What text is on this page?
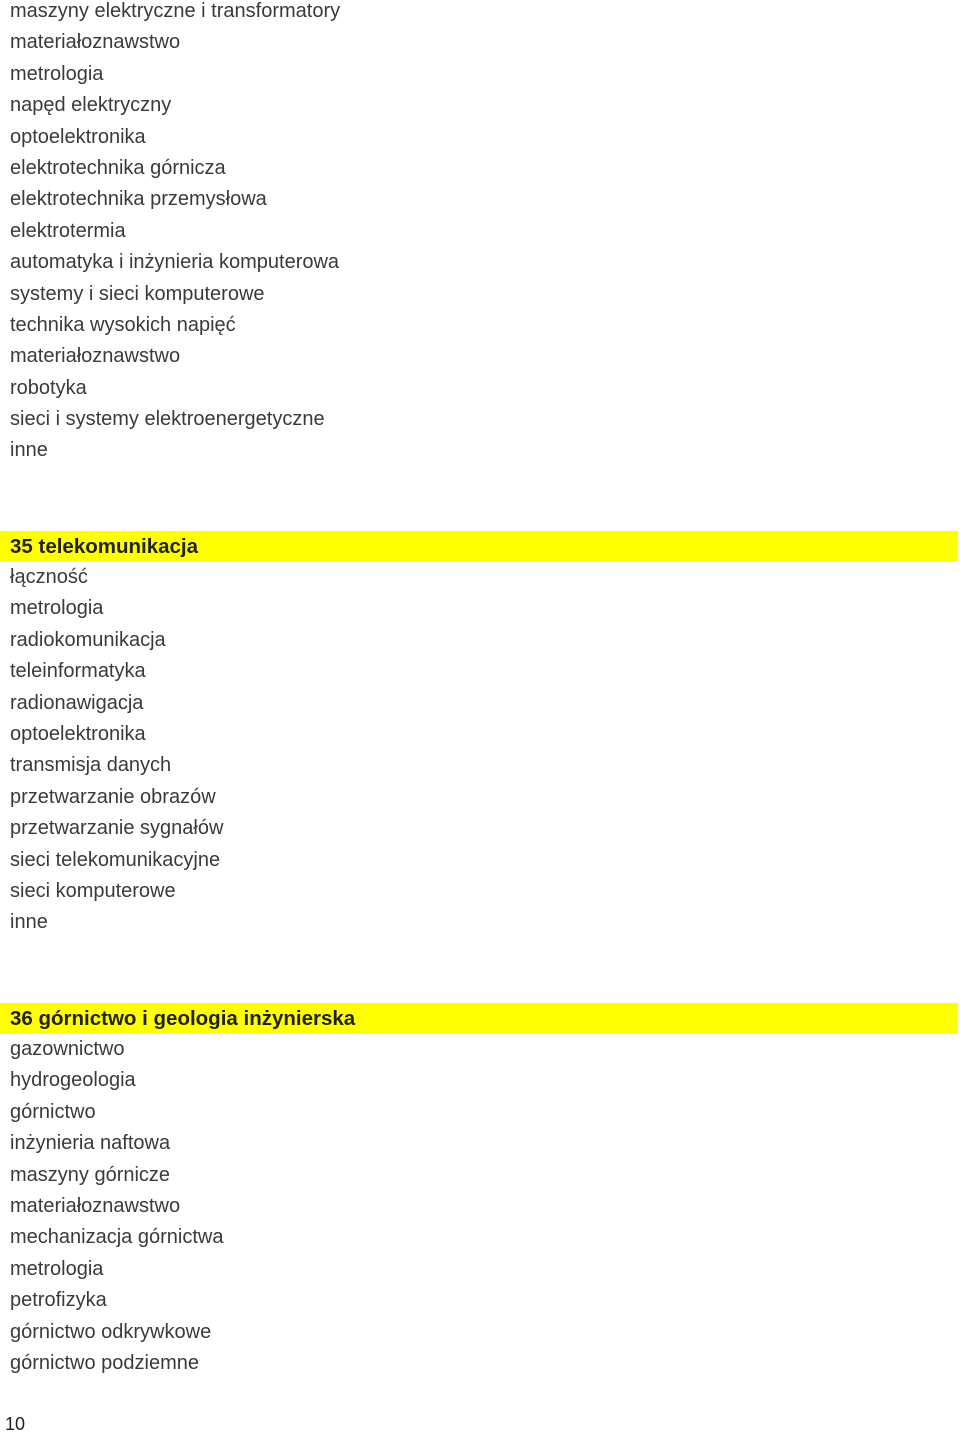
maszyny elektryczne i transformatory
materiałoznawstwo
metrologia
napęd elektryczny
optoelektronika
elektrotechnika górnicza
elektrotechnika przemysłowa
elektrotermia
automatyka i inżynieria komputerowa
systemy i sieci komputerowe
technika wysokich napięć
materiałoznawstwo
robotyka
sieci i systemy elektroenergetyczne
inne
35 telekomunikacja
łączność
metrologia
radiokomunikacja
teleinformatyka
radionawigacja
optoelektronika
transmisja danych
przetwarzanie obrazów
przetwarzanie sygnałów
sieci telekomunikacyjne
sieci komputerowe
inne
36 górnictwo i geologia inżynierska
gazownictwo
hydrogeologia
górnictwo
inżynieria naftowa
maszyny górnicze
materiałoznawstwo
mechanizacja górnictwa
metrologia
petrofizyka
górnictwo odkrywkowe
górnictwo podziemne
10
